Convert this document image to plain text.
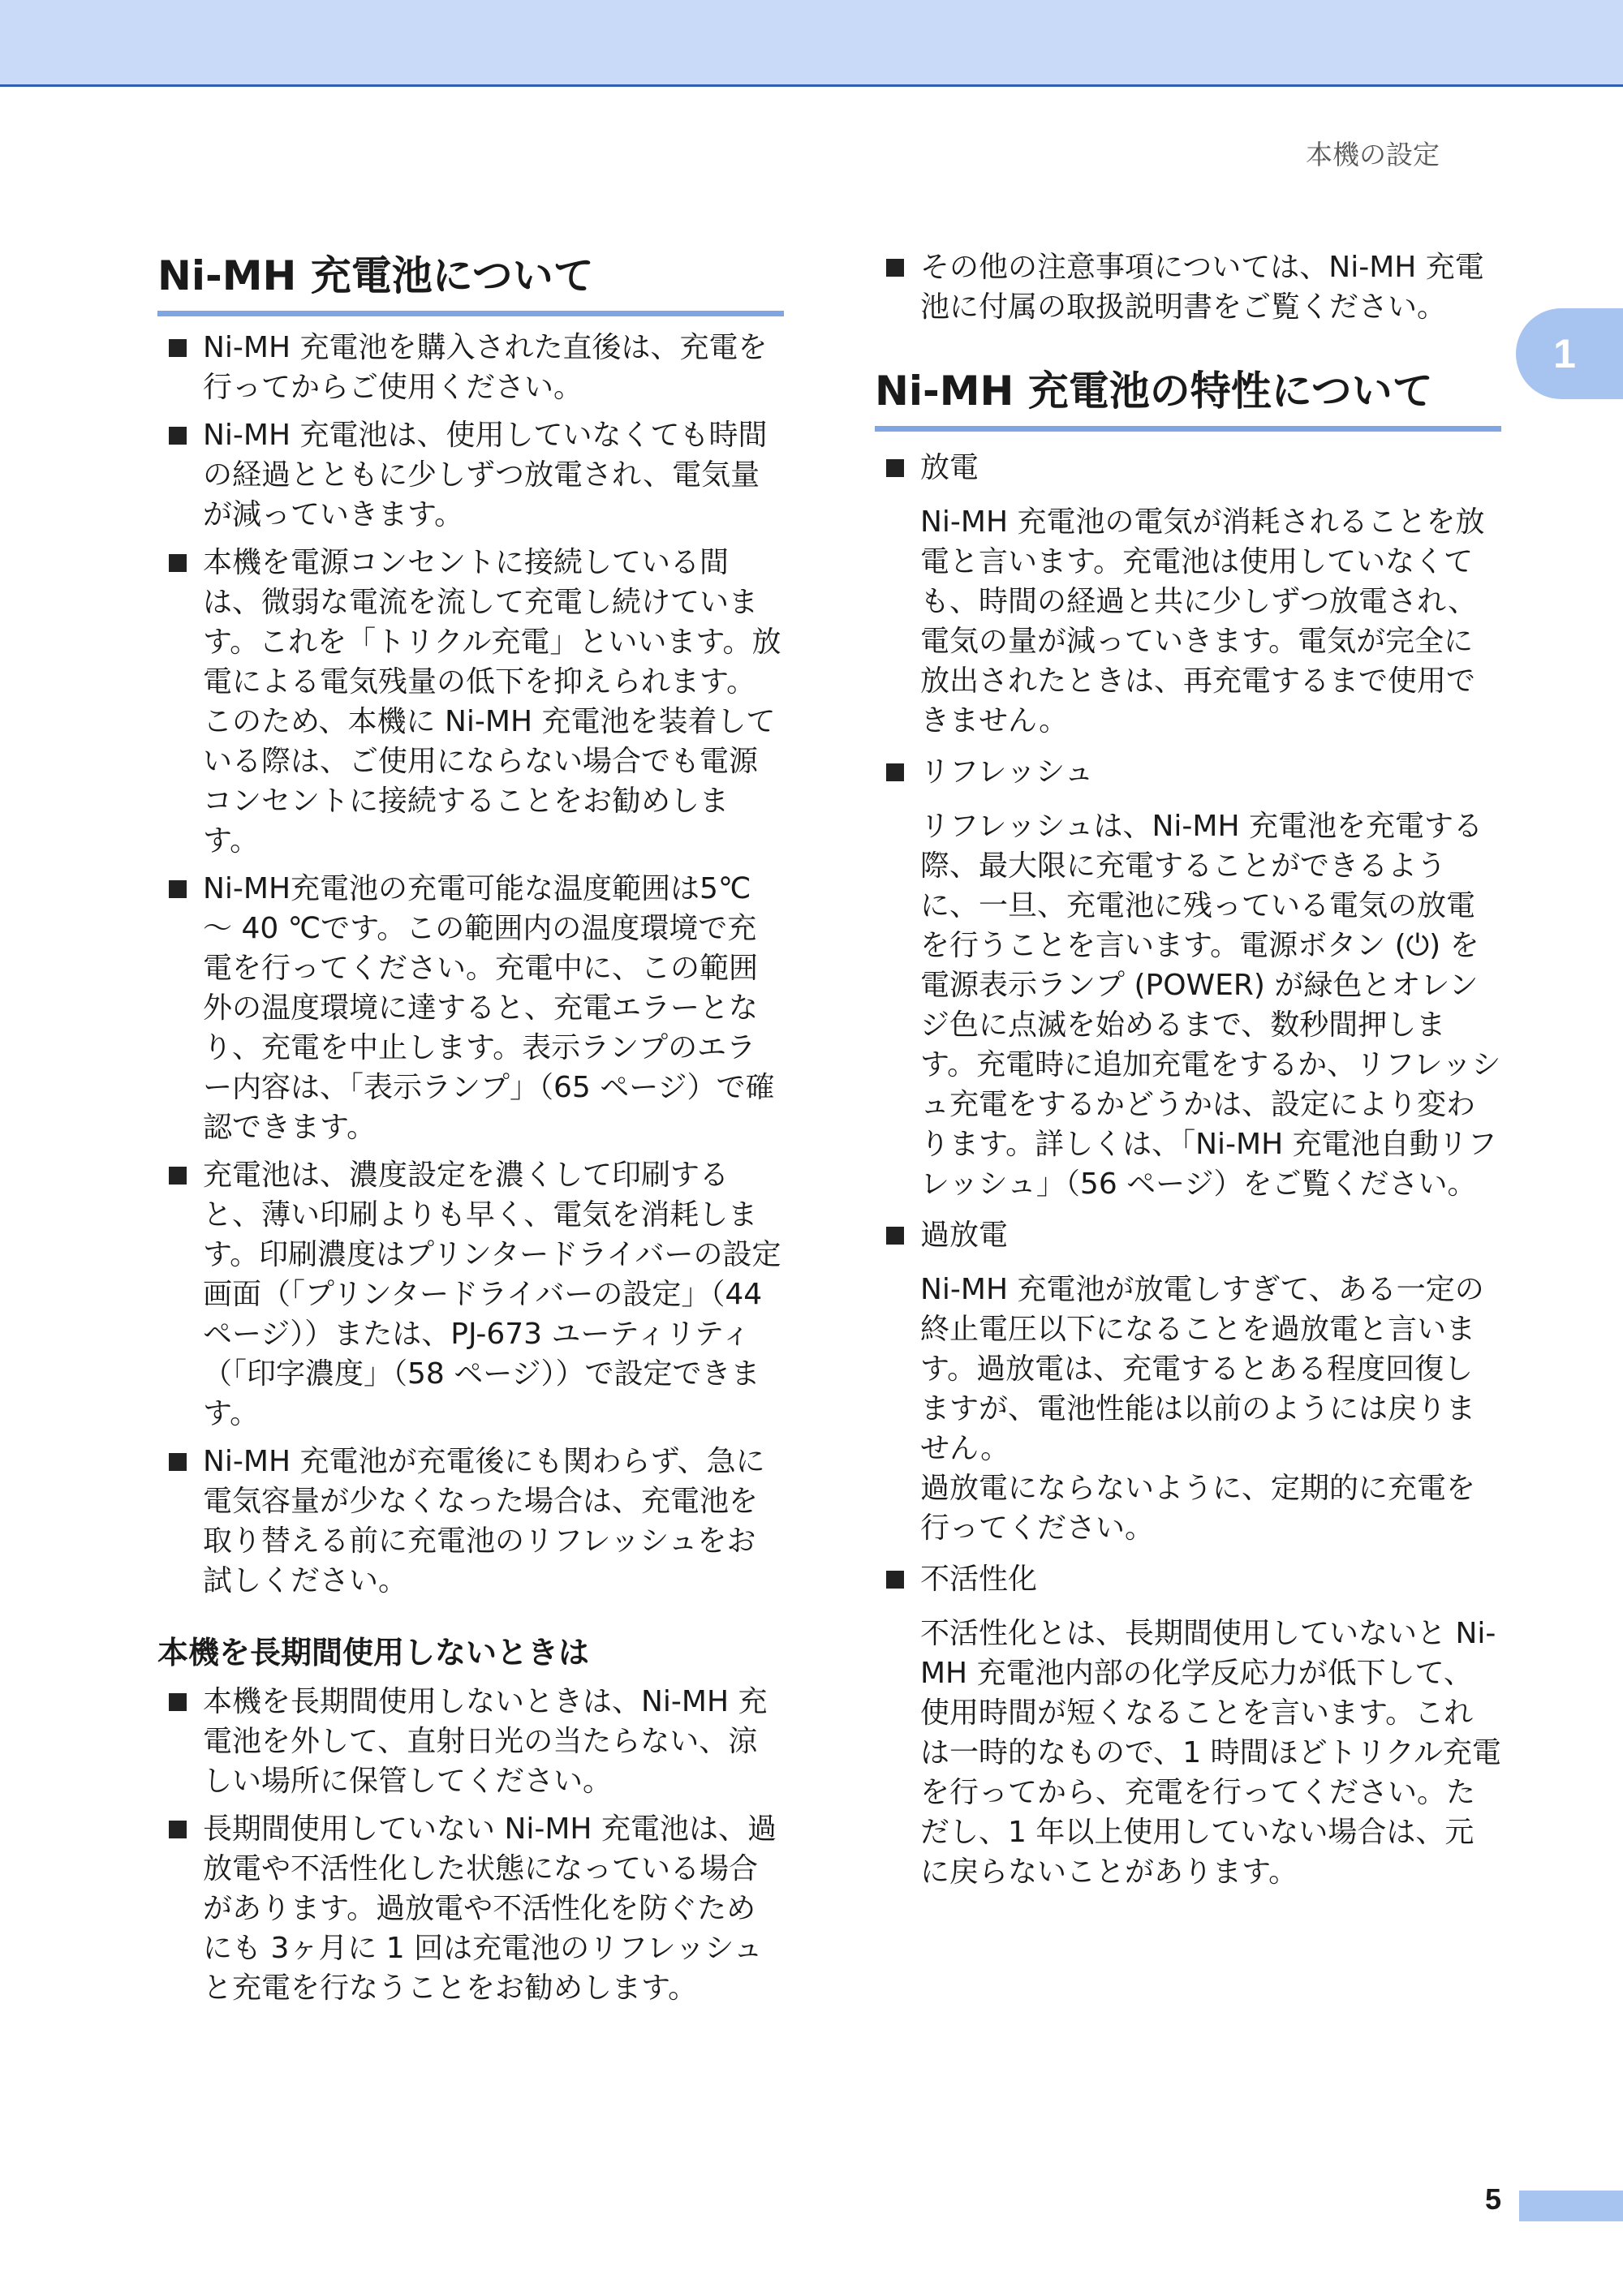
本機の設定
1
Ni-MH 充電池について
Ni-MH 充電池を購入された直後は、充電を行ってからご使用ください。
Ni-MH 充電池は、使用していなくても時間の経過とともに少しずつ放電され、電気量が減っていきます。
本機を電源コンセントに接続している間は、微弱な電流を流して充電し続けています。これを「トリクル充電」といいます。放電による電気残量の低下を抑えられます。このため、本機に Ni-MH 充電池を装着している際は、ご使用にならない場合でも電源コンセントに接続することをお勧めします。
Ni-MH充電池の充電可能な温度範囲は5℃ ～ 40 ℃です。この範囲内の温度環境で充電を行ってください。充電中に、この範囲外の温度環境に達すると、充電エラーとなり、充電を中止します。表示ランプのエラー内容は、「表示ランプ」（65 ページ）で確認できます。
充電池は、濃度設定を濃くして印刷すると、薄い印刷よりも早く、電気を消耗します。印刷濃度はプリンタードライバーの設定画面（「プリンタードライバーの設定」（44 ページ））または、PJ-673 ユーティリティ（「印字濃度」（58 ページ））で設定できます。
Ni-MH 充電池が充電後にも関わらず、急に電気容量が少なくなった場合は、充電池を取り替える前に充電池のリフレッシュをお試しください。
本機を長期間使用しないときは
本機を長期間使用しないときは、Ni-MH 充電池を外して、直射日光の当たらない、涼しい場所に保管してください。
長期間使用していない Ni-MH 充電池は、過放電や不活性化した状態になっている場合があります。過放電や不活性化を防ぐためにも 3ヶ月に 1 回は充電池のリフレッシュと充電を行なうことをお勧めします。
その他の注意事項については、Ni-MH 充電池に付属の取扱説明書をご覧ください。
Ni-MH 充電池の特性について
放電
Ni-MH 充電池の電気が消耗されることを放電と言います。充電池は使用していなくても、時間の経過と共に少しずつ放電され、電気の量が減っていきます。電気が完全に放出されたときは、再充電するまで使用できません。
リフレッシュ
リフレッシュは、Ni-MH 充電池を充電する際、最大限に充電することができるように、一旦、充電池に残っている電気の放電を行うことを言います。電源ボタン (⏻) を電源表示ランプ (POWER) が緑色とオレンジ色に点滅を始めるまで、数秒間押します。充電時に追加充電をするか、リフレッシュ充電をするかどうかは、設定により変わります。詳しくは、「Ni-MH 充電池自動リフレッシュ」（56 ページ）をご覧ください。
過放電
Ni-MH 充電池が放電しすぎて、ある一定の終止電圧以下になることを過放電と言います。過放電は、充電するとある程度回復しますが、電池性能は以前のようには戻りません。
過放電にならないように、定期的に充電を行ってください。
不活性化
不活性化とは、長期間使用していないと Ni-MH 充電池内部の化学反応力が低下して、使用時間が短くなることを言います。これは一時的なもので、1 時間ほどトリクル充電を行ってから、充電を行ってください。ただし、1 年以上使用していない場合は、元に戻らないことがあります。
5
